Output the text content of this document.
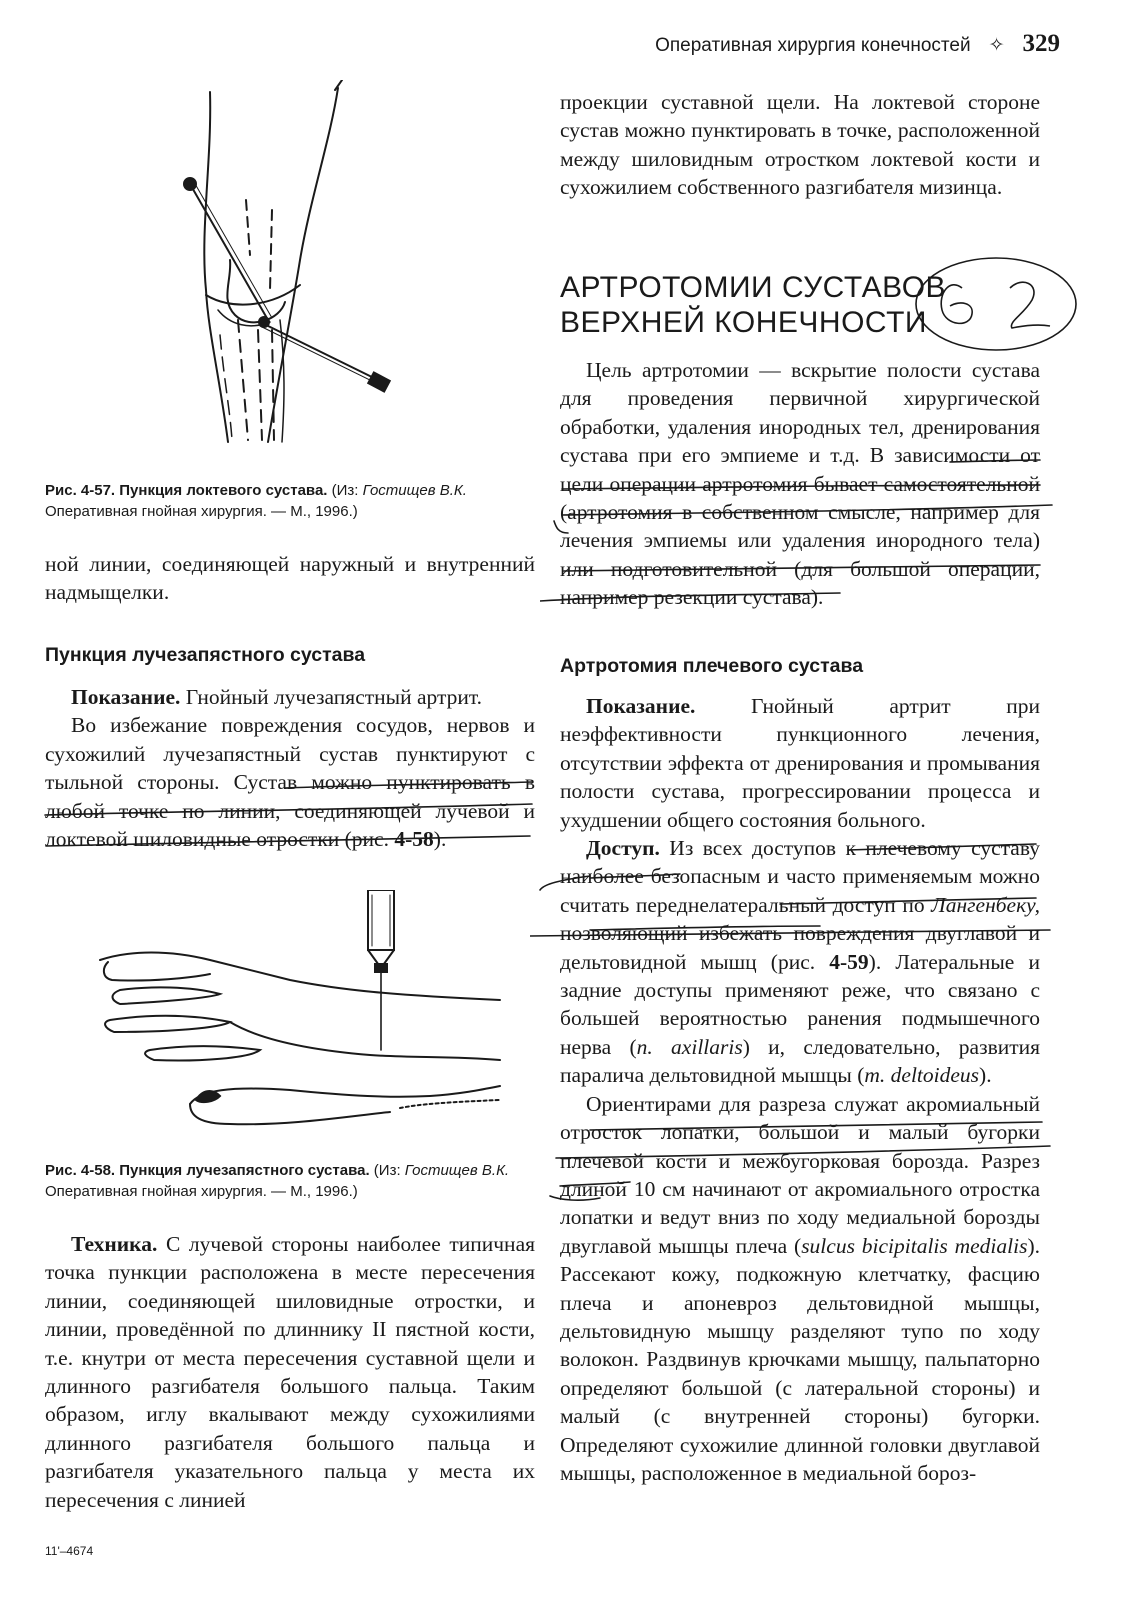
Оперативная хирургия конечностей ✧ 329
Рис. 4-57. Пункция локтевого сустава. (Из: Гостищев В.К. Оперативная гнойная хирургия. — М., 1996.)

ной линии, соединяющей наружный и внутренний надмыщелки.

Пункция лучезапястного сустава

Показание. Гнойный лучезапястный артрит.

Во избежание повреждения сосудов, нервов и сухожилий лучезапястный сустав пунктируют с тыльной стороны. Сустав можно пунктировать в любой точке по линии, соединяющей лучевой и локтевой шиловидные отростки (рис. 4-58).

Рис. 4-58. Пункция лучезапястного сустава. (Из: Гостищев В.К. Оперативная гнойная хирургия. — М., 1996.)

Техника. С лучевой стороны наиболее типичная точка пункции расположена в месте пересечения линии, соединяющей шиловидные отростки, и линии, проведённой по длиннику II пястной кости, т.е. кнутри от места пересечения суставной щели и длинного разгибателя большого пальца. Таким образом, иглу вкалывают между сухожилиями длинного разгибателя большого пальца и разгибателя указательного пальца у места их пересечения с линией

11'–4674

проекции суставной щели. На локтевой стороне сустав можно пунктировать в точке, расположенной между шиловидным отростком локтевой кости и сухожилием собственного разгибателя мизинца.

АРТРОТОМИИ СУСТАВОВ
ВЕРХНЕЙ КОНЕЧНОСТИ
62

Цель артротомии — вскрытие полости сустава для проведения первичной хирургической обработки, удаления инородных тел, дренирования сустава при его эмпиеме и т.д. В зависимости от цели операции артротомия бывает самостоятельной (артротомия в собственном смысле, например для лечения эмпиемы или удаления инородного тела) или подготовительной (для большой операции, например резекции сустава).

Артротомия плечевого сустава

Показание. Гнойный артрит при неэффективности пункционного лечения, отсутствии эффекта от дренирования и промывания полости сустава, прогрессировании процесса и ухудшении общего состояния больного.

Доступ. Из всех доступов к плечевому суставу наиболее безопасным и часто применяемым можно считать переднелатеральный доступ по Лангенбеку, позволяющий избежать повреждения двуглавой и дельтовидной мышц (рис. 4-59). Латеральные и задние доступы применяют реже, что связано с большей вероятностью ранения подмышечного нерва (n. axillaris) и, следовательно, развития паралича дельтовидной мышцы (m. deltoideus).

Ориентирами для разреза служат акромиальный отросток лопатки, большой и малый бугорки плечевой кости и межбугорковая борозда. Разрез длиной 10 см начинают от акромиального отростка лопатки и ведут вниз по ходу медиальной борозды двуглавой мышцы плеча (sulcus bicipitalis medialis). Рассекают кожу, подкожную клетчатку, фасцию плеча и апоневроз дельтовидной мышцы, дельтовидную мышцу разделяют тупо по ходу волокон. Раздвинув крючками мышцу, пальпаторно определяют большой (с латеральной стороны) и малый (с внутренней стороны) бугорки. Определяют сухожилие длинной головки двуглавой мышцы, расположенное в медиальной бороз-
